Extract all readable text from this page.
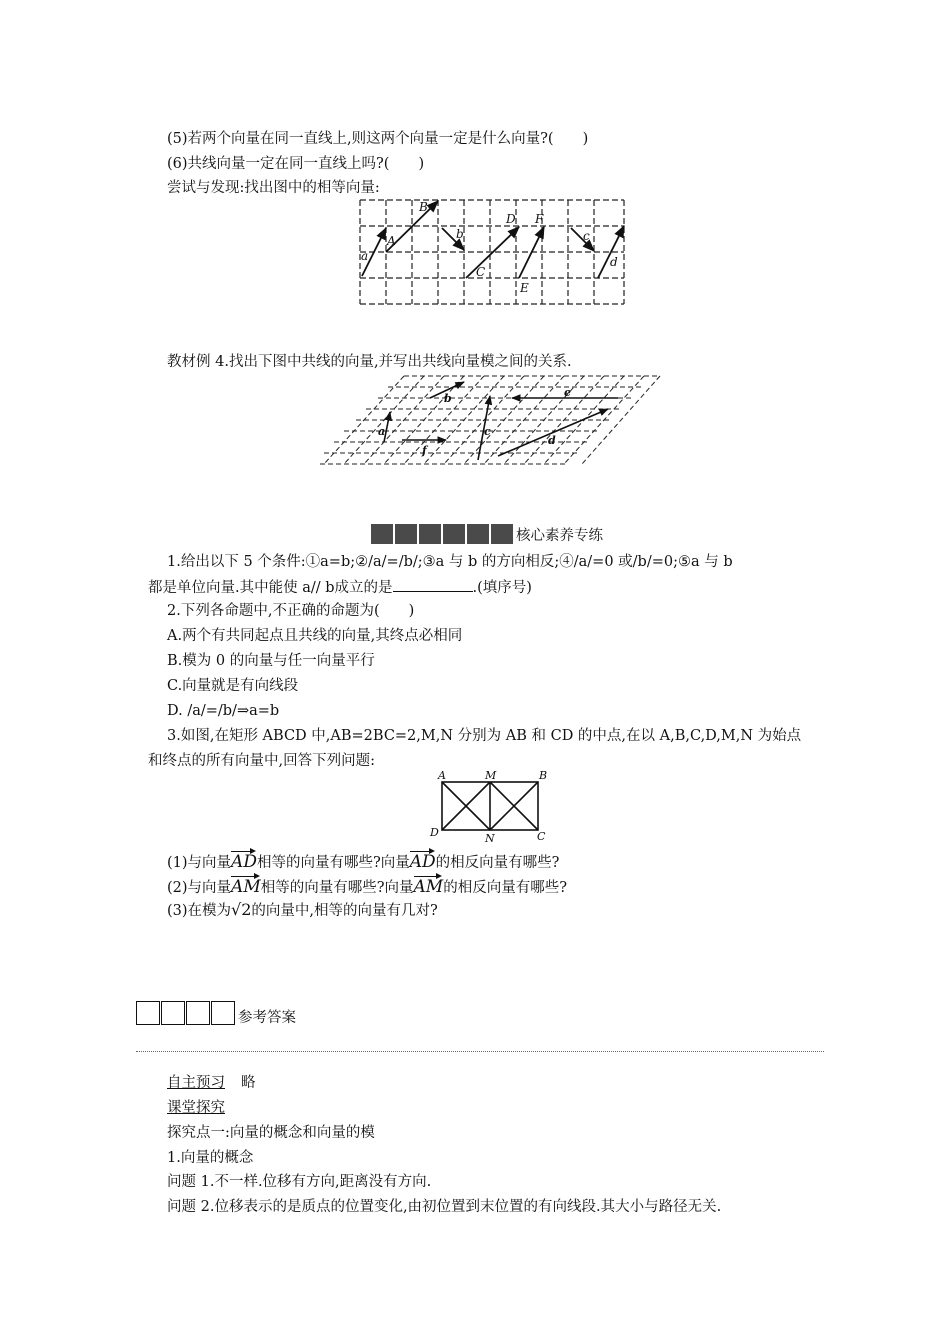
(5)若两个向量在同一直线上,则这两个向量一定是什么向量?(　　)
(6)共线向量一定在同一直线上吗?(　　)
尝试与发现:找出图中的相等向量:
a
A
B
b
C
D F
E
c
d
教材例 4.找出下图中共线的向量,并写出共线向量模之间的关系.
b	e
a	c
f
d
核心素养专练
1.给出以下 5 个条件:①a=b;②/a/=/b/;③a 与 b 的方向相反;④/a/=0 或/b/=0;⑤a 与 b
都是单位向量.其中能使 a// b成立的是	.(填序号)
2.下列各命题中,不正确的命题为(　　)
A.两个有共同起点且共线的向量,其终点必相同
B.模为 0 的向量与任一向量平行
C.向量就是有向线段
D. /a/=/b/⇒a=b
3.如图,在矩形 ABCD 中,AB=2BC=2,M,N 分别为 AB 和 CD 的中点,在以 A,B,C,D,M,N 为始点
和终点的所有向量中,回答下列问题:
A	M	B
D	N	C
(1)与向量AD相等的向量有哪些?向量AD的相反向量有哪些?
(2)与向量AM相等的向量有哪些?向量AM的相反向量有哪些?
(3)在模为√2的向量中,相等的向量有几对?
参考答案
自主预习 略
课堂探究
探究点一:向量的概念和向量的模
1.向量的概念
问题 1.不一样.位移有方向,距离没有方向.
问题 2.位移表示的是质点的位置变化,由初位置到末位置的有向线段.其大小与路径无关.
